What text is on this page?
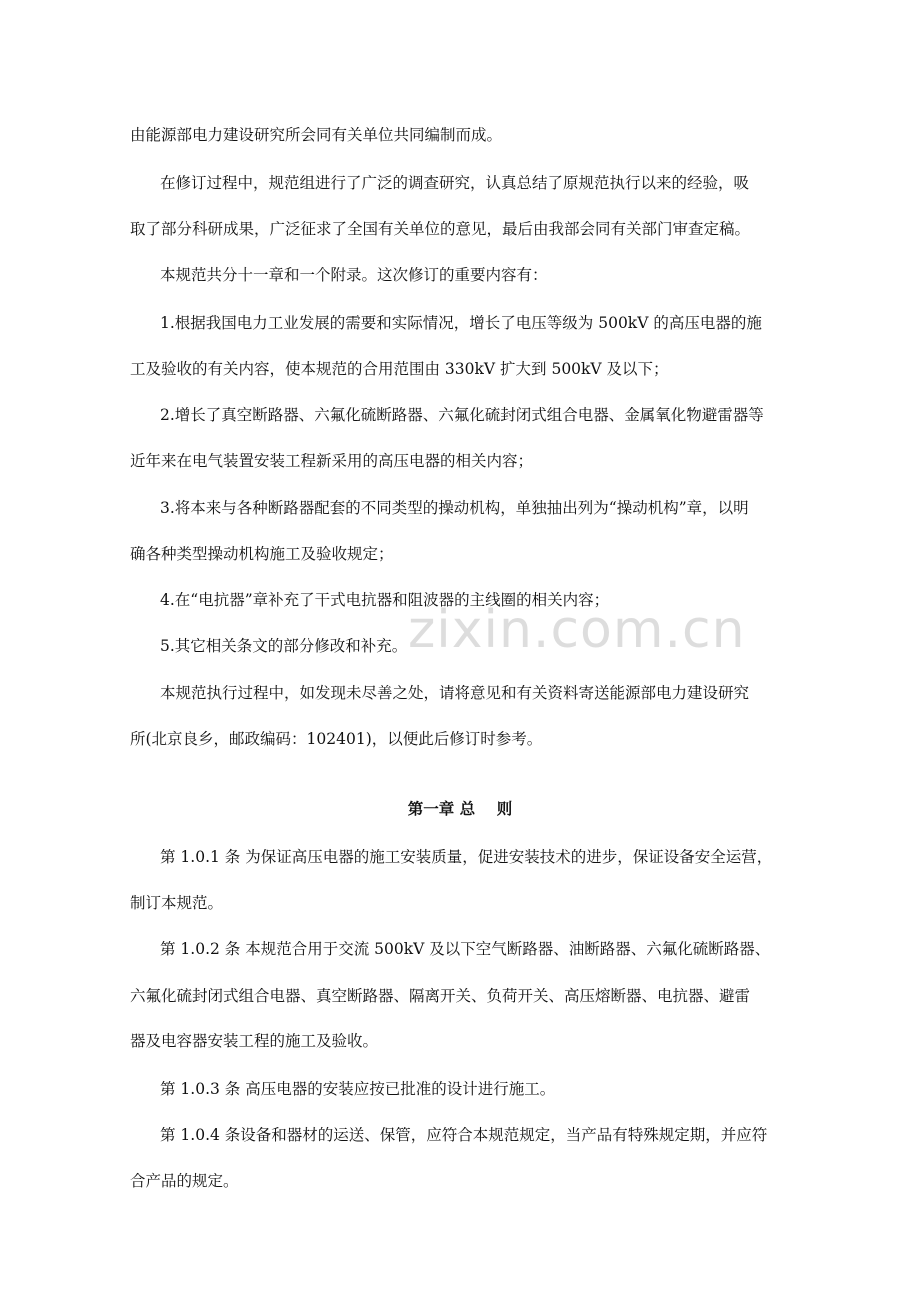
zixin.com.cn
由能源部电力建设研究所会同有关单位共同编制而成。
在修订过程中，规范组进行了广泛的调查研究，认真总结了原规范执行以来的经验，吸
取了部分科研成果，广泛征求了全国有关单位的意见，最后由我部会同有关部门审查定稿。
本规范共分十一章和一个附录。这次修订的重要内容有：
1.根据我国电力工业发展的需要和实际情况，增长了电压等级为 500kV 的高压电器的施
工及验收的有关内容，使本规范的合用范围由 330kV 扩大到 500kV 及以下；
2.增长了真空断路器、六氟化硫断路器、六氟化硫封闭式组合电器、金属氧化物避雷器等
近年来在电气装置安装工程新采用的高压电器的相关内容；
3.将本来与各种断路器配套的不同类型的操动机构，单独抽出列为“操动机构”章，以明
确各种类型操动机构施工及验收规定；
4.在“电抗器”章补充了干式电抗器和阻波器的主线圈的相关内容；
5.其它相关条文的部分修改和补充。
本规范执行过程中，如发现未尽善之处，请将意见和有关资料寄送能源部电力建设研究
所(北京良乡，邮政编码：102401)，以便此后修订时参考。
第一章 总    则
第 1.0.1 条 为保证高压电器的施工安装质量，促进安装技术的进步，保证设备安全运营，
制订本规范。
第 1.0.2 条 本规范合用于交流 500kV 及以下空气断路器、油断路器、六氟化硫断路器、
六氟化硫封闭式组合电器、真空断路器、隔离开关、负荷开关、高压熔断器、电抗器、避雷
器及电容器安装工程的施工及验收。
第 1.0.3 条 高压电器的安装应按已批准的设计进行施工。
第 1.0.4 条设备和器材的运送、保管，应符合本规范规定，当产品有特殊规定期，并应符
合产品的规定。
